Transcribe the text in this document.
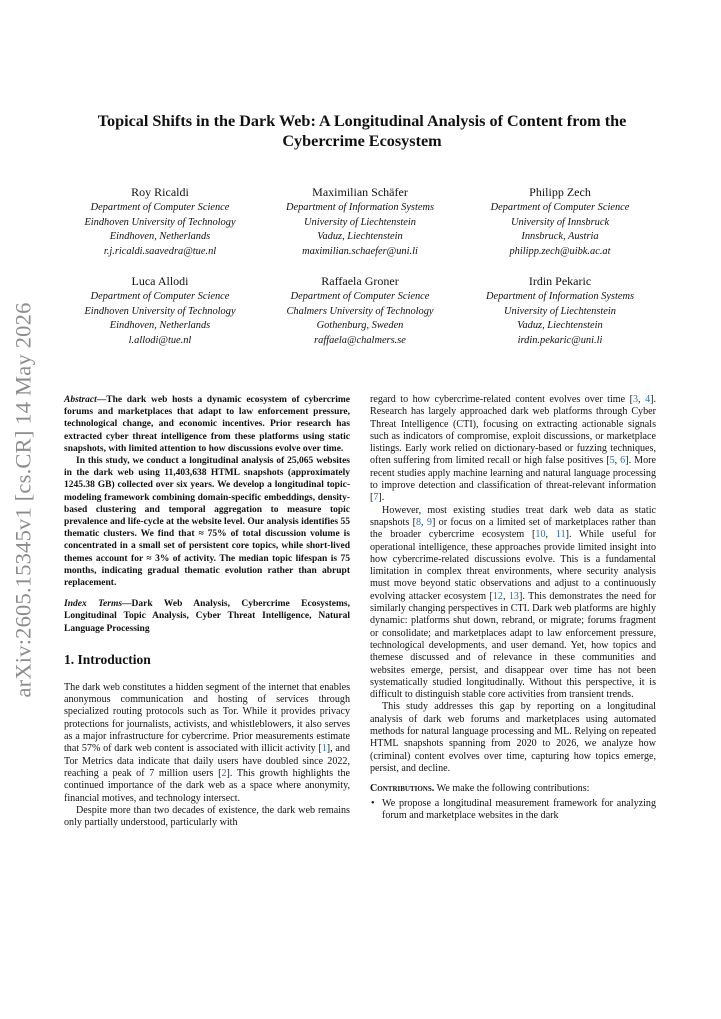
arXiv:2605.15345v1 [cs.CR] 14 May 2026
Topical Shifts in the Dark Web: A Longitudinal Analysis of Content from the Cybercrime Ecosystem
Roy Ricaldi
Department of Computer Science
Eindhoven University of Technology
Eindhoven, Netherlands
r.j.ricaldi.saavedra@tue.nl
Maximilian Schäfer
Department of Information Systems
University of Liechtenstein
Vaduz, Liechtenstein
maximilian.schaefer@uni.li
Philipp Zech
Department of Computer Science
University of Innsbruck
Innsbruck, Austria
philipp.zech@uibk.ac.at
Luca Allodi
Department of Computer Science
Eindhoven University of Technology
Eindhoven, Netherlands
l.allodi@tue.nl
Raffaela Groner
Department of Computer Science
Chalmers University of Technology
Gothenburg, Sweden
raffaela@chalmers.se
Irdin Pekaric
Department of Information Systems
University of Liechtenstein
Vaduz, Liechtenstein
irdin.pekaric@uni.li

Abstract—The dark web hosts a dynamic ecosystem of cybercrime forums and marketplaces that adapt to law enforcement pressure, technological change, and economic incentives. Prior research has extracted cyber threat intelligence from these platforms using static snapshots, with limited attention to how discussions evolve over time.

In this study, we conduct a longitudinal analysis of 25,065 websites in the dark web using 11,403,638 HTML snapshots (approximately 1245.38 GB) collected over six years. We develop a longitudinal topic-modeling framework combining domain-specific embeddings, density-based clustering and temporal aggregation to measure topic prevalence and life-cycle at the website level. Our analysis identifies 55 thematic clusters. We find that ≈ 75% of total discussion volume is concentrated in a small set of persistent core topics, while short-lived themes account for ≈ 3% of activity. The median topic lifespan is 75 months, indicating gradual thematic evolution rather than abrupt replacement.

Index Terms—Dark Web Analysis, Cybercrime Ecosystems, Longitudinal Topic Analysis, Cyber Threat Intelligence, Natural Language Processing
1. Introduction

The dark web constitutes a hidden segment of the internet that enables anonymous communication and hosting of services through specialized routing protocols such as Tor. While it provides privacy protections for journalists, activists, and whistleblowers, it also serves as a major infrastructure for cybercrime. Prior measurements estimate that 57% of dark web content is associated with illicit activity [1], and Tor Metrics data indicate that daily users have doubled since 2022, reaching a peak of 7 million users [2]. This growth highlights the continued importance of the dark web as a space where anonymity, financial motives, and technology intersect.

Despite more than two decades of existence, the dark web remains only partially understood, particularly with

regard to how cybercrime-related content evolves over time [3, 4]. Research has largely approached dark web platforms through Cyber Threat Intelligence (CTI), focusing on extracting actionable signals such as indicators of compromise, exploit discussions, or marketplace listings. Early work relied on dictionary-based or fuzzing techniques, often suffering from limited recall or high false positives [5, 6]. More recent studies apply machine learning and natural language processing to improve detection and classification of threat-relevant information [7].

However, most existing studies treat dark web data as static snapshots [8, 9] or focus on a limited set of marketplaces rather than the broader cybercrime ecosystem [10, 11]. While useful for operational intelligence, these approaches provide limited insight into how cybercrime-related discussions evolve. This is a fundamental limitation in complex threat environments, where security analysis must move beyond static observations and adjust to a continuously evolving attacker ecosystem [12, 13]. This demonstrates the need for similarly changing perspectives in CTI. Dark web platforms are highly dynamic: platforms shut down, rebrand, or migrate; forums fragment or consolidate; and marketplaces adapt to law enforcement pressure, technological developments, and user demand. Yet, how topics and themese discussed and of relevance in these communities and websites emerge, persist, and disappear over time has not been systematically studied longitudinally. Without this perspective, it is difficult to distinguish stable core activities from transient trends.

This study addresses this gap by reporting on a longitudinal analysis of dark web forums and marketplaces using automated methods for natural language processing and ML. Relying on repeated HTML snapshots spanning from 2020 to 2026, we analyze how (criminal) content evolves over time, capturing how topics emerge, persist, and decline.

Contributions. We make the following contributions:

• We propose a longitudinal measurement framework for analyzing forum and marketplace websites in the dark
